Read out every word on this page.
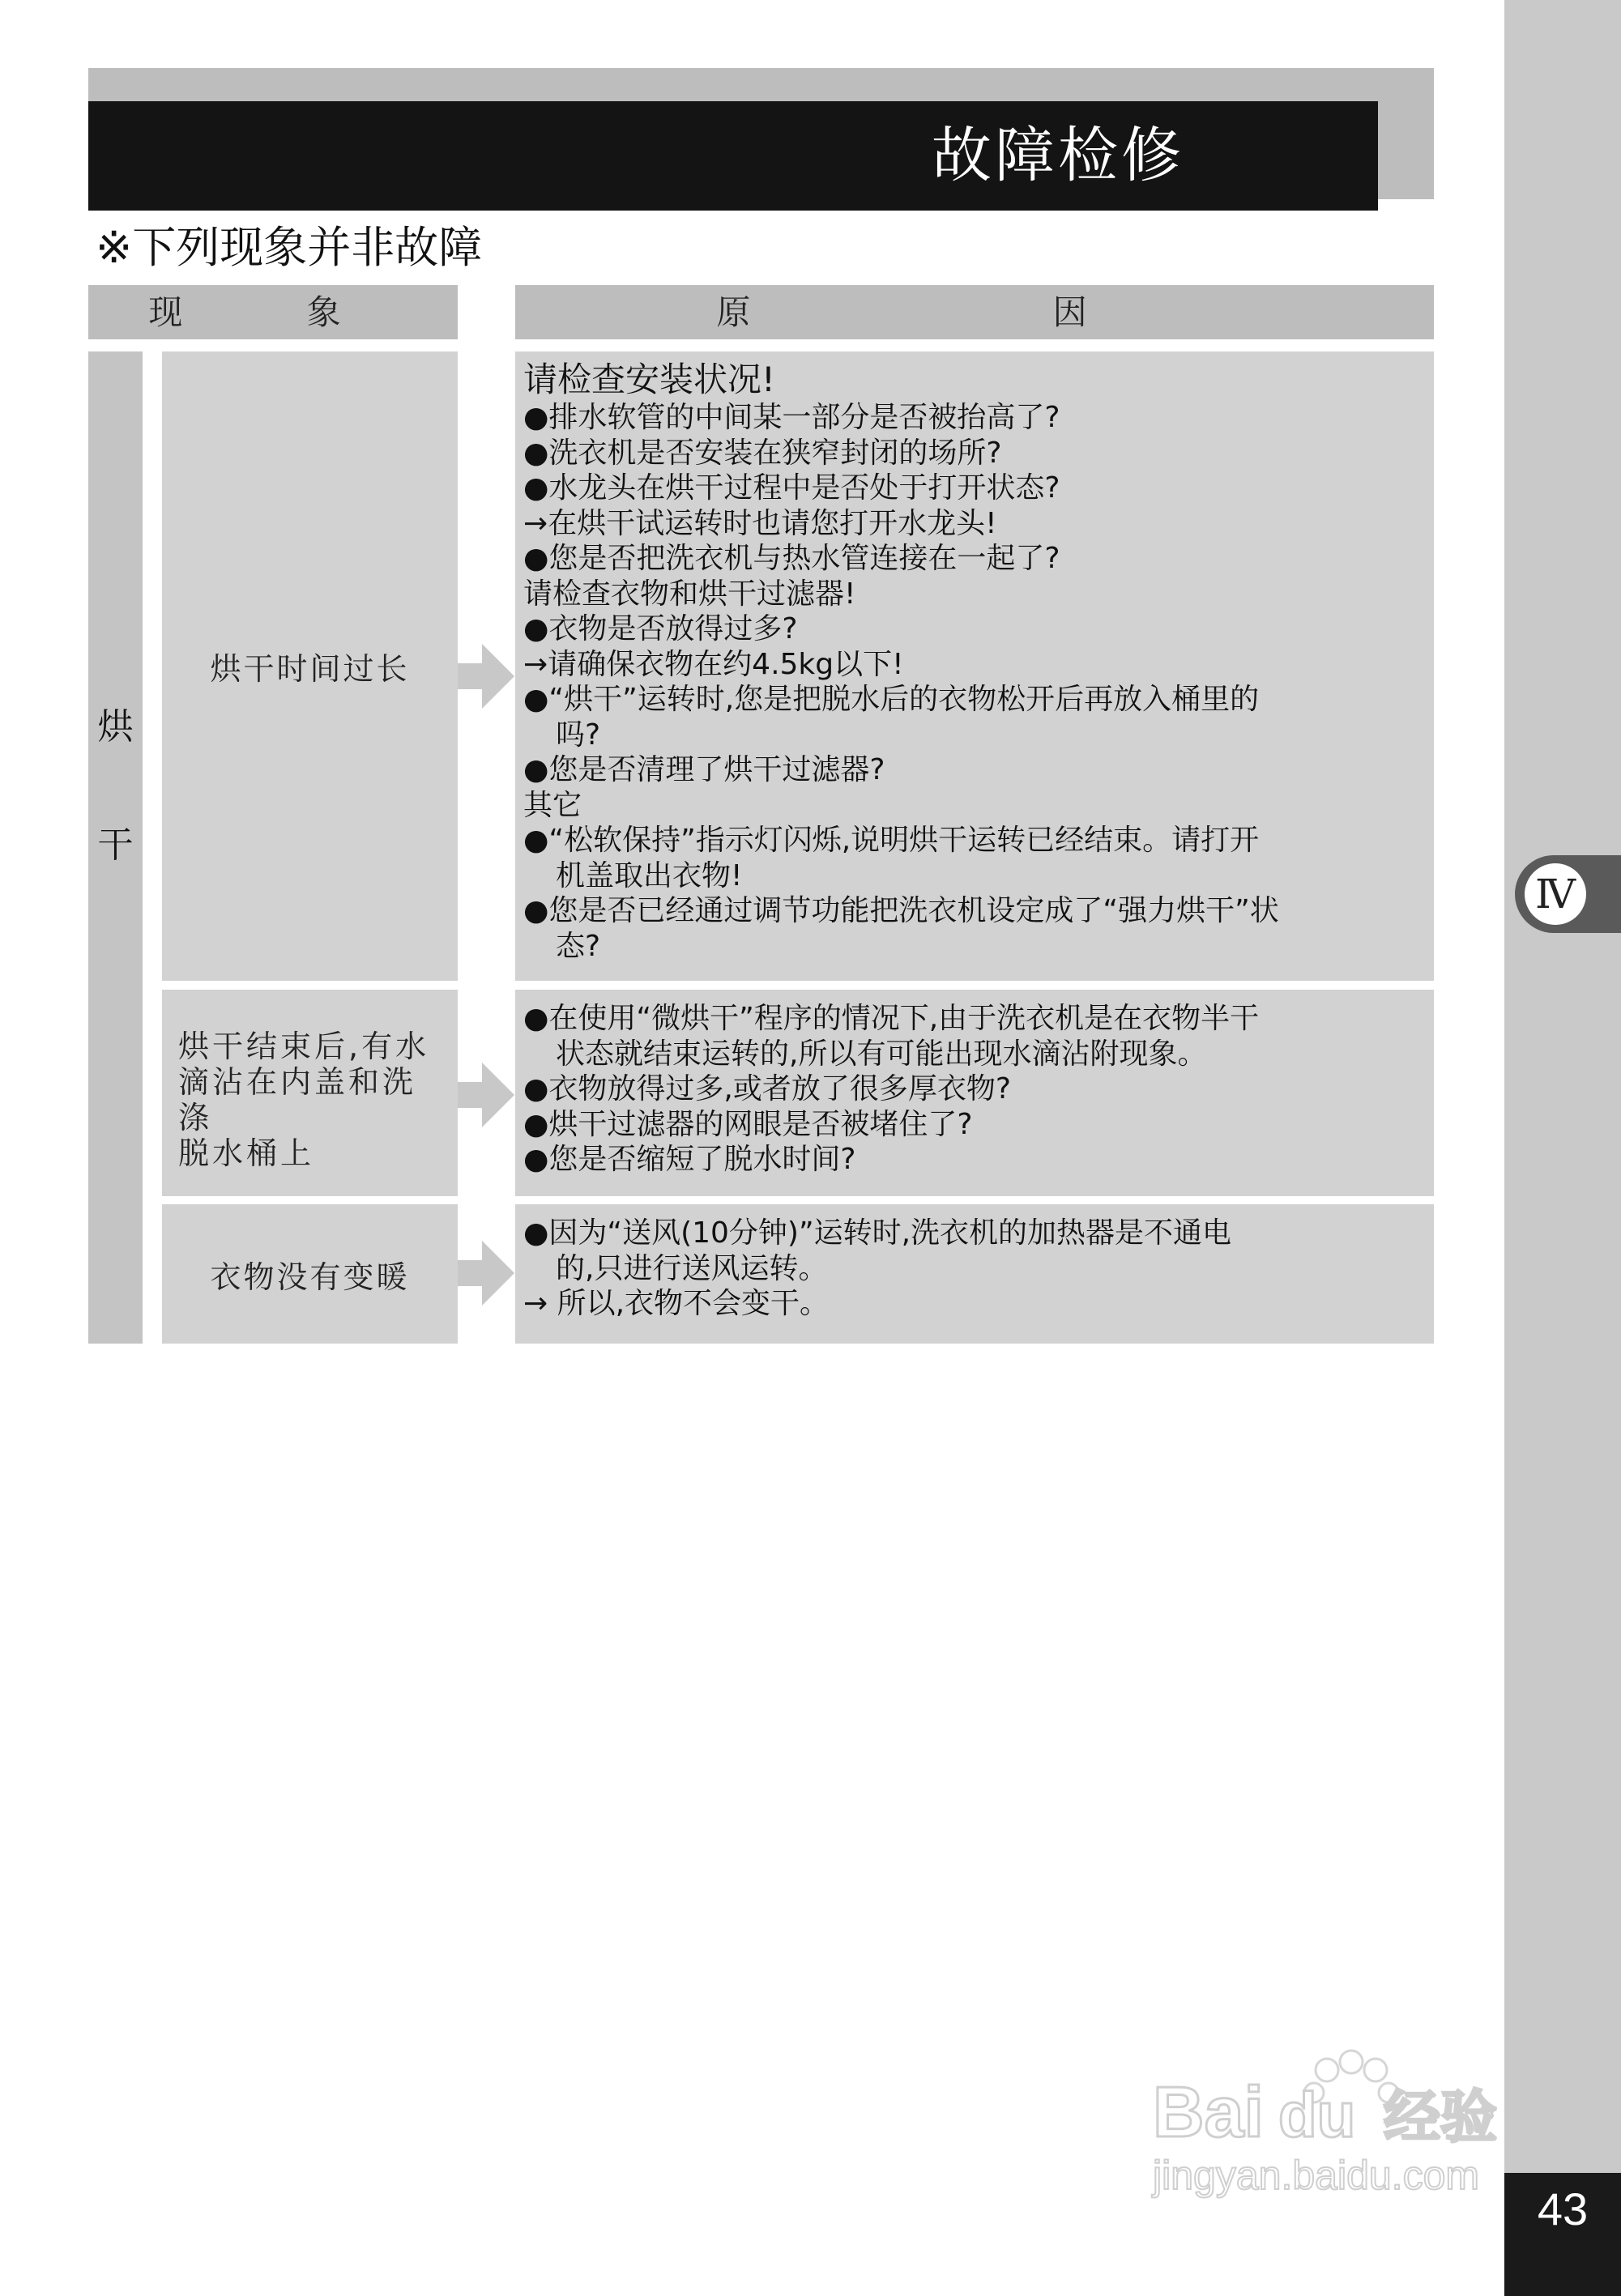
Ⅳ
43
故障检修
※下列现象并非故障
现 象	原 因
烘
干
烘干时间过长
请检查安装状况!
●排水软管的中间某一部分是否被抬高了?
●洗衣机是否安装在狭窄封闭的场所?
●水龙头在烘干过程中是否处于打开状态?
→在烘干试运转时也请您打开水龙头!
●您是否把洗衣机与热水管连接在一起了?
请检查衣物和烘干过滤器!
●衣物是否放得过多?
→请确保衣物在约4.5kg以下!
●“烘干”运转时,您是把脱水后的衣物松开后再放入桶里的
吗?
●您是否清理了烘干过滤器?
其它
●“松软保持”指示灯闪烁,说明烘干运转已经结束。请打开
机盖取出衣物!
●您是否已经通过调节功能把洗衣机设定成了“强力烘干”状
态?
烘干结束后,有水
滴沾在内盖和洗涤
脱水桶上
●在使用“微烘干”程序的情况下,由于洗衣机是在衣物半干
状态就结束运转的,所以有可能出现水滴沾附现象。
●衣物放得过多,或者放了很多厚衣物?
●烘干过滤器的网眼是否被堵住了?
●您是否缩短了脱水时间?
衣物没有变暖
●因为“送风(10分钟)”运转时,洗衣机的加热器是不通电
的,只进行送风运转。
→ 所以,衣物不会变干。
Bai du 经验
jingyan.baidu.com
